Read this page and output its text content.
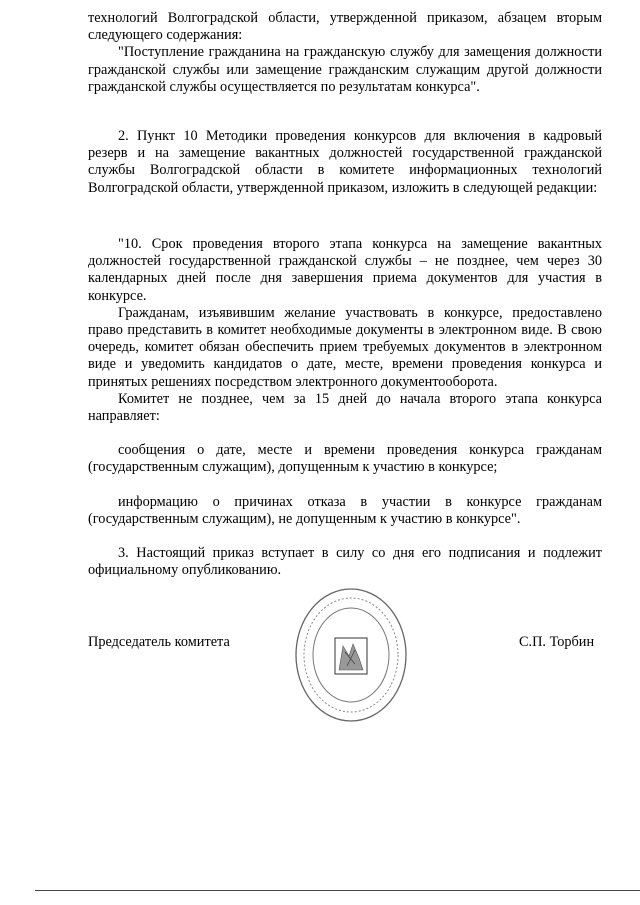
технологий Волгоградской области, утвержденной приказом, абзацем вторым следующего содержания:

"Поступление гражданина на гражданскую службу для замещения должности гражданской службы или замещение гражданским служащим другой должности гражданской службы осуществляется по результатам конкурса".

2. Пункт 10 Методики проведения конкурсов для включения в кадровый резерв и на замещение вакантных должностей государственной гражданской службы Волгоградской области в комитете информационных технологий Волгоградской области, утвержденной приказом, изложить в следующей редакции:

"10. Срок проведения второго этапа конкурса на замещение вакантных должностей государственной гражданской службы – не позднее, чем через 30 календарных дней после дня завершения приема документов для участия в конкурсе.

Гражданам, изъявившим желание участвовать в конкурсе, предоставлено право представить в комитет необходимые документы в электронном виде. В свою очередь, комитет обязан обеспечить прием требуемых документов в электронном виде и уведомить кандидатов о дате, месте, времени проведения конкурса и принятых решениях посредством электронного документооборота.

Комитет не позднее, чем за 15 дней до начала второго этапа конкурса направляет:

сообщения о дате, месте и времени проведения конкурса гражданам (государственным служащим), допущенным к участию в конкурсе;

информацию о причинах отказа в участии в конкурсе гражданам (государственным служащим), не допущенным к участию в конкурсе".

3. Настоящий приказ вступает в силу со дня его подписания и подлежит официальному опубликованию.

Председатель комитета	С.П. Торбин
